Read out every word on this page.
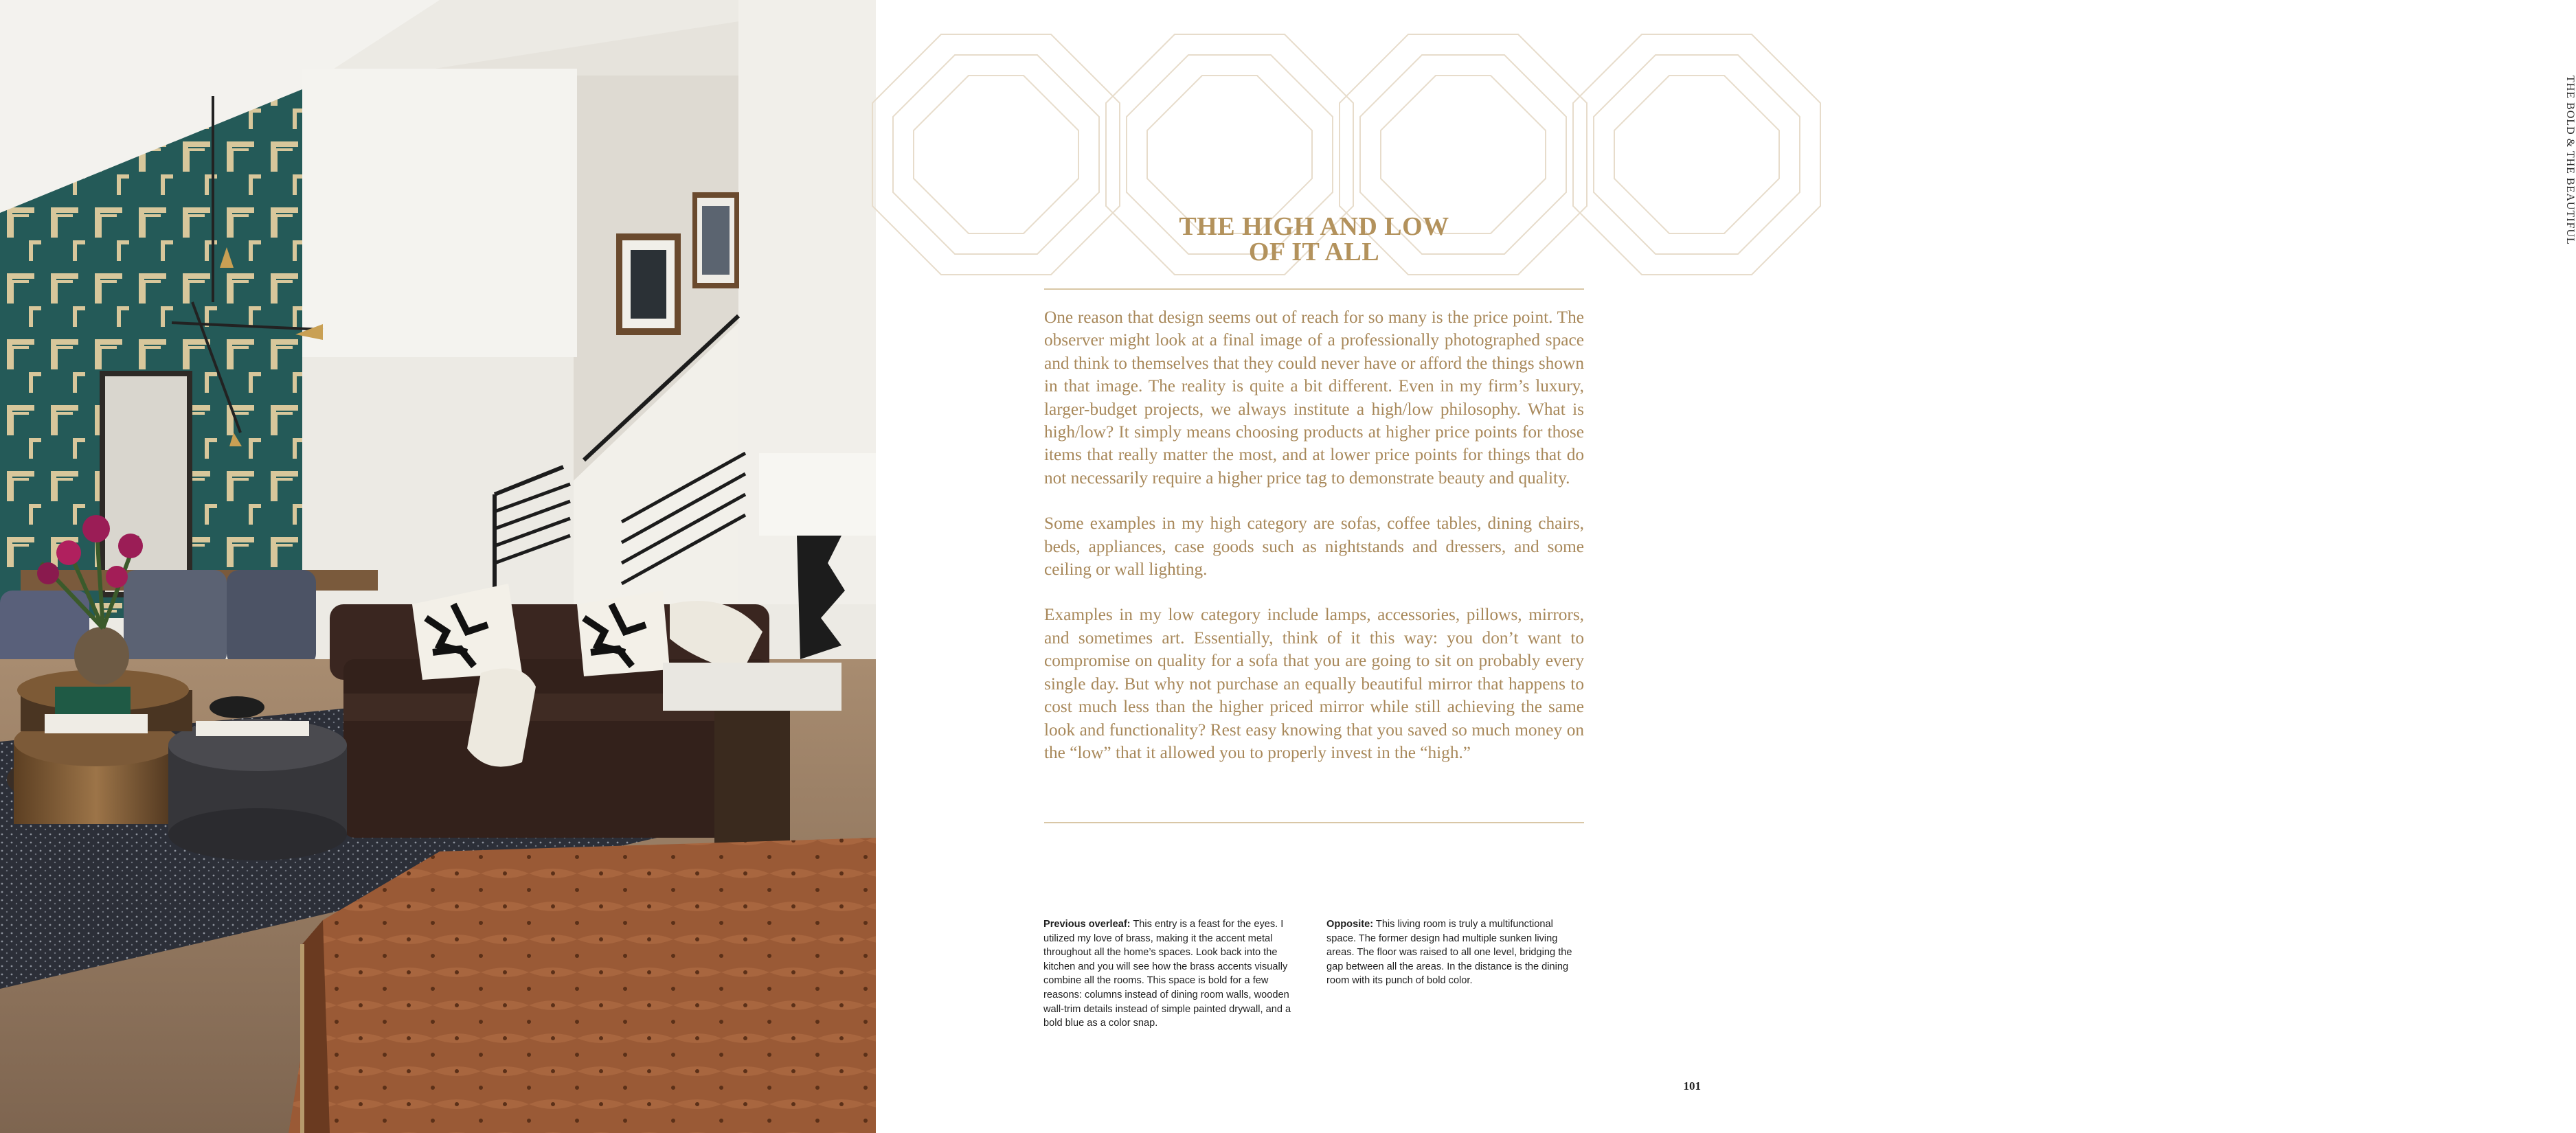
THE BOLD & THE BEAUTIFUL
THE HIGH AND LOW
OF IT ALL

One reason that design seems out of reach for so many is the price point. The observer might look at a final image of a professionally photographed space and think to themselves that they could never have or afford the things shown in that image. The reality is quite a bit different. Even in my firm’s luxury, larger-budget projects, we always institute a high/low philosophy. What is high/low? It simply means choosing products at higher price points for those items that really matter the most, and at lower price points for things that do not necessarily require a higher price tag to demonstrate beauty and quality.

Some examples in my high category are sofas, coffee tables, dining chairs, beds, appliances, case goods such as nightstands and dressers, and some ceiling or wall lighting.

Examples in my low category include lamps, accessories, pillows, mirrors, and sometimes art. Essentially, think of it this way: you don’t want to compromise on quality for a sofa that you are going to sit on probably every single day. But why not purchase an equally beautiful mirror that happens to cost much less than the higher priced mirror while still achieving the same look and functionality? Rest easy knowing that you saved so much money on the “low” that it allowed you to properly invest in the “high.”

Previous overleaf: This entry is a feast for the eyes. I utilized my love of brass, making it the accent metal throughout all the home’s spaces. Look back into the kitchen and you will see how the brass accents visually combine all the rooms. This space is bold for a few reasons: columns instead of dining room walls, wooden wall-trim details instead of simple painted drywall, and a bold blue as a color snap.
Opposite: This living room is truly a multifunctional space. The former design had multiple sunken living areas. The floor was raised to all one level, bridging the gap between all the areas. In the distance is the dining room with its punch of bold color.
101
